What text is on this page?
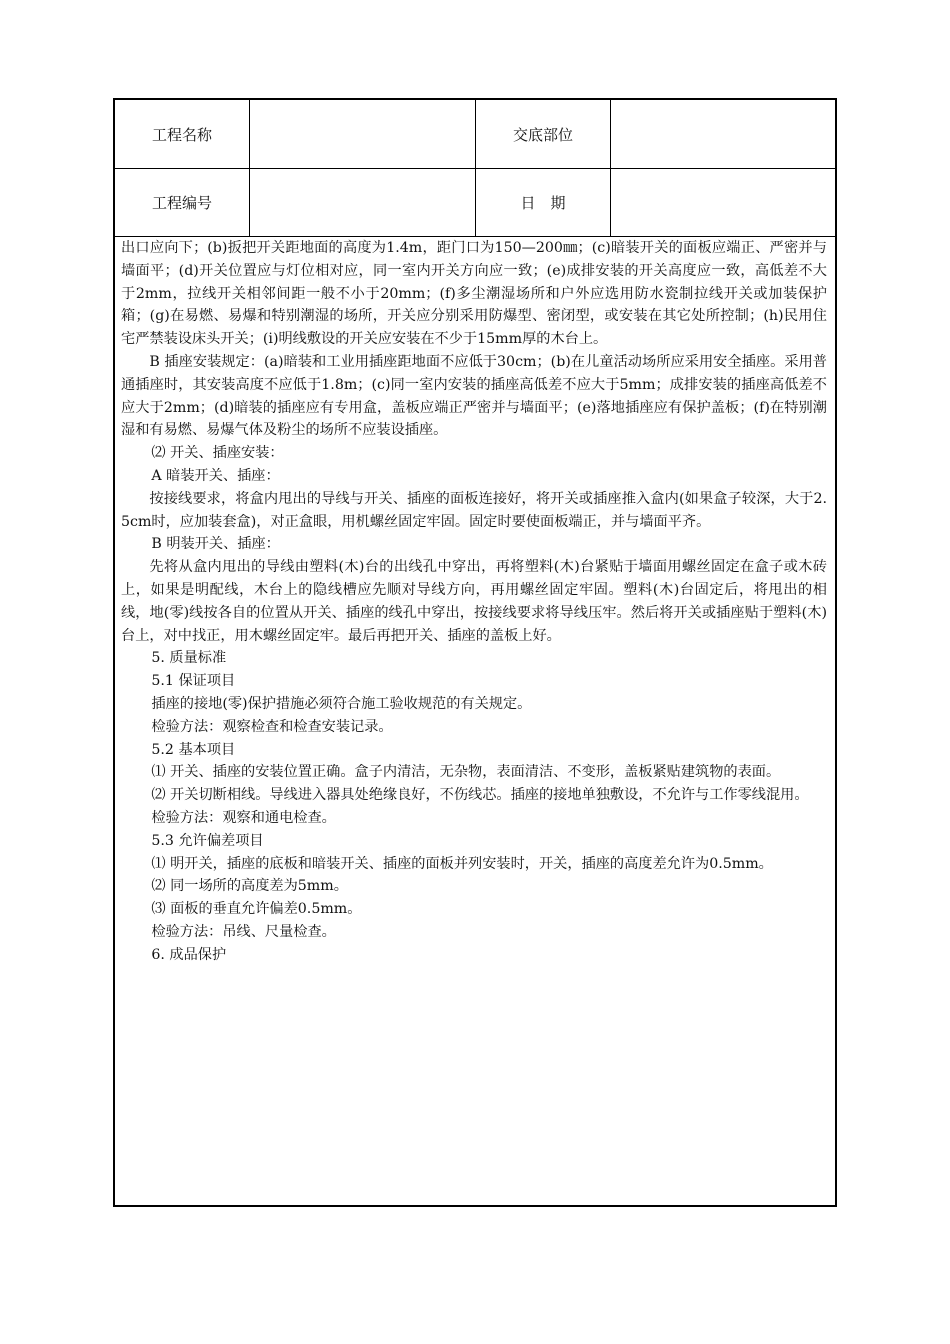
工程名称	交底部位
工程编号	日　期

出口应向下；(b)扳把开关距地面的高度为1.4m，距门口为150—200㎜；(c)暗装开关的面板应端正、严密并与墙面平；(d)开关位置应与灯位相对应，同一室内开关方向应一致；(e)成排安装的开关高度应一致，高低差不大于2mm，拉线开关相邻间距一般不小于20mm；(f)多尘潮湿场所和户外应选用防水瓷制拉线开关或加装保护箱；(g)在易燃、易爆和特别潮湿的场所，开关应分别采用防爆型、密闭型，或安装在其它处所控制；(h)民用住宅严禁装设床头开关；(i)明线敷设的开关应安装在不少于15mm厚的木台上。

B 插座安装规定：(a)暗装和工业用插座距地面不应低于30cm；(b)在儿童活动场所应采用安全插座。采用普通插座时，其安装高度不应低于1.8m；(c)同一室内安装的插座高低差不应大于5mm；成排安装的插座高低差不应大于2mm；(d)暗装的插座应有专用盒，盖板应端正严密并与墙面平；(e)落地插座应有保护盖板；(f)在特别潮湿和有易燃、易爆气体及粉尘的场所不应装设插座。

⑵ 开关、插座安装：

A 暗装开关、插座：

按接线要求，将盒内甩出的导线与开关、插座的面板连接好，将开关或插座推入盒内(如果盒子较深，大于2.5cm时，应加装套盒)，对正盒眼，用机螺丝固定牢固。固定时要使面板端正，并与墙面平齐。

B 明装开关、插座：

先将从盒内甩出的导线由塑料(木)台的出线孔中穿出，再将塑料(木)台紧贴于墙面用螺丝固定在盒子或木砖上，如果是明配线，木台上的隐线槽应先顺对导线方向，再用螺丝固定牢固。塑料(木)台固定后，将甩出的相线，地(零)线按各自的位置从开关、插座的线孔中穿出，按接线要求将导线压牢。然后将开关或插座贴于塑料(木)台上，对中找正，用木螺丝固定牢。最后再把开关、插座的盖板上好。

5. 质量标准

5.1 保证项目

插座的接地(零)保护措施必须符合施工验收规范的有关规定。

检验方法：观察检查和检查安装记录。

5.2 基本项目

⑴ 开关、插座的安装位置正确。盒子内清洁，无杂物，表面清洁、不变形，盖板紧贴建筑物的表面。

⑵ 开关切断相线。导线进入器具处绝缘良好，不伤线芯。插座的接地单独敷设，不允许与工作零线混用。

检验方法：观察和通电检查。

5.3 允许偏差项目

⑴ 明开关，插座的底板和暗装开关、插座的面板并列安装时，开关，插座的高度差允许为0.5mm。

⑵ 同一场所的高度差为5mm。

⑶ 面板的垂直允许偏差0.5mm。

检验方法：吊线、尺量检查。

6. 成品保护
